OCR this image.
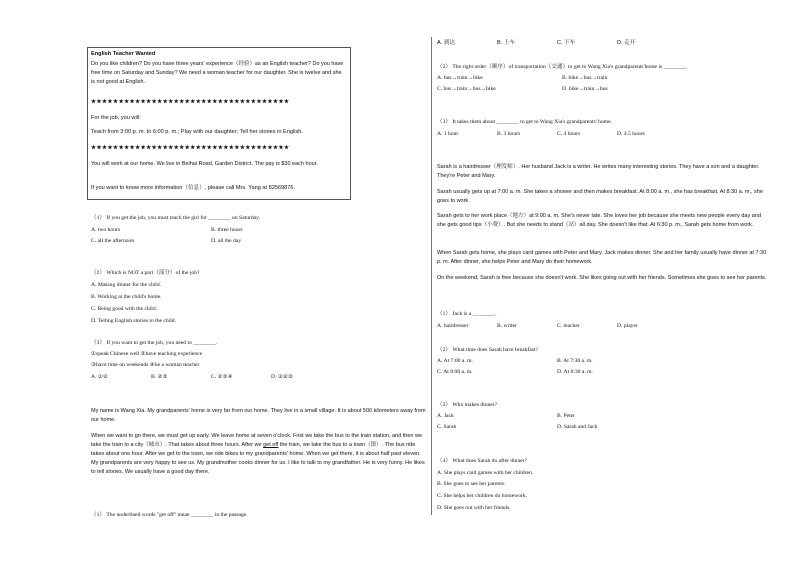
English Teacher Wanted
Do you like children? Do you have three years' experience（经验）as an English teacher? Do you have free time on Saturday and Sunday? We need a woman teacher for our daughter. She is twelve and she is not good at English.
★★★★★★★★★★★★★★★★★★★★★★★★★★★★★★★★★★★★
For the job, you will:
Teach from 3:00 p. m. to 6:00 p. m.; Play with our daughter; Tell her stories in English.
★★★★★★★★★★★★★★★★★★★★★★★★★★★★★★★★★★★★
You will work at our home. We live in Beihai Road, Garden District. The pay is $30 each hour.
If you want to know more information（信息）, please call Mrs. Yang at 82569876.
（1） If you get the job, you must teach the girl for ________ on Saturday.
A. two hours	B. three hours
C. all the afternoon	D. all the day
（2） Which is NOT a part（部分）of the job?
A. Making dinner for the child.
B. Working at the child's home.
C. Being good with the child.
D. Telling English stories to the child.
（3） If you want to get the job, you need to ________.
①speak Chinese well ②have teaching experience
③have time on weekends ④be a woman teacher
A. ①②	B. ②③	C. ②③④	D. ①②③
My name is Wang Xia. My grandparents' home is very far from our home. They live in a small village. It is about 500 kilometers away from our home.
When we want to go there, we must get up early. We leave home at seven o'clock. First we take the bus to the train station, and then we take the train to a city（城市）. That takes about three hours. After we get off the train, we take the bus to a town（镇）. The bus ride takes about one hour. After we get to the town, we ride bikes to my grandparents' home. When we get there, it is about half past eleven. My grandparents are very happy to see us. My grandmother cooks dinner for us. I like to talk to my grandfather. He is very funny. He likes to tell stories. We usually have a good day there.
（1） The underlined words "get off" mean ________ in the passage.
A. 到达	B. 上车	C. 下车	D. 走开
（2） The right order（顺序）of transportation（交通）to get to Wang Xia's grandparents'home is ________.
A. bus→train→bike	B. bike→bus→train
C. bus→train→bus→bike	D. bike→train→bus
（3） It takes them about ________ to get to Wang Xia's grandparents' home.
A. 1 hour	B. 3 hours	C. 4 hours	D. 4.5 hours
Sarah is a hairdresser（理发师）. Her husband Jack is a writer. He writes many interesting stories. They have a son and a daughter. They're Peter and Mary.
Sarah usually gets up at 7:00 a. m. She takes a shower and then makes breakfast. At 8:00 a. m., she has breakfast. At 8:30 a. m., she goes to work.
Sarah gets to her work place（地方）at 9:00 a. m. She's never late. She loves her job because she meets new people every day and she gets good tips（小费）. But she needs to stand（站）all day. She doesn't like that. At 6:30 p. m., Sarah gets home from work.
When Sarah gets home, she plays card games with Peter and Mary. Jack makes dinner. She and her family usually have dinner at 7:30 p. m. After dinner, she helps Peter and Mary do their homework.
On the weekend, Sarah is free because she doesn't work. She likes going out with her friends. Sometimes she goes to see her parents.
（1） Jack is a ________.
A. hairdresser	B. writer	C. teacher	D. player
（2） What time does Sarah have breakfast?
A. At 7:00 a. m.	B. At 7:30 a. m.
C. At 8:00 a. m.	D. At 8:30 a. m.
（3） Who makes dinner?
A. Jack	B. Peter
C. Sarah	D. Sarah and Jack
（4） What does Sarah do after dinner?
A. She plays card games with her children.
B. She goes to see her parents.
C. She helps her children do homework.
D. She goes out with her friends.
